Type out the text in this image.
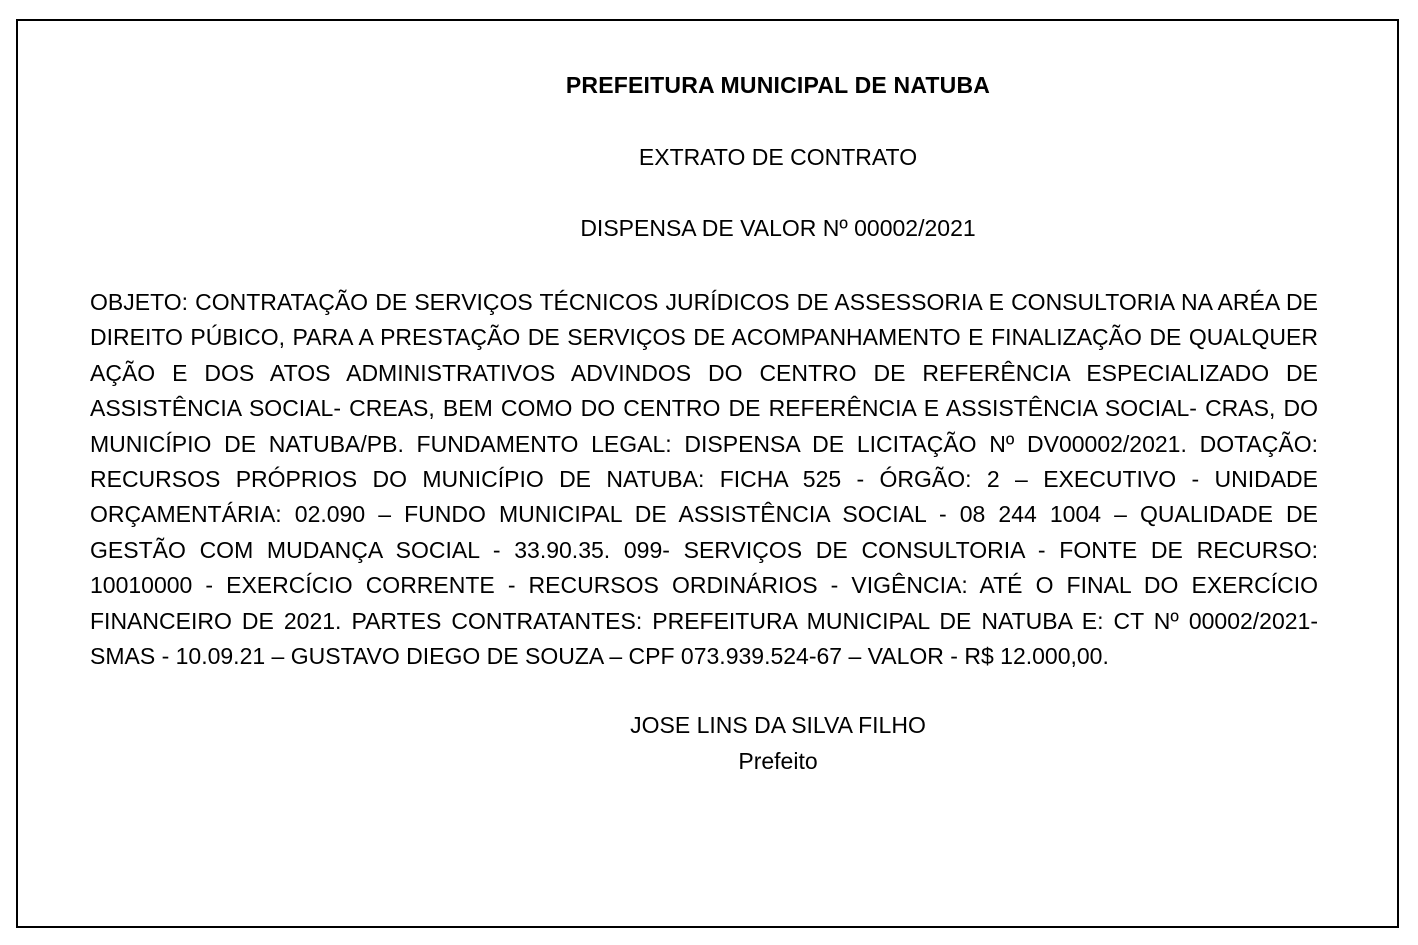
PREFEITURA MUNICIPAL DE NATUBA
EXTRATO DE CONTRATO
DISPENSA DE VALOR Nº 00002/2021

OBJETO: CONTRATAÇÃO DE SERVIÇOS TÉCNICOS JURÍDICOS DE ASSESSORIA E CONSULTORIA NA ARÉA DE DIREITO PÚBICO, PARA A PRESTAÇÃO DE SERVIÇOS DE ACOMPANHAMENTO E FINALIZAÇÃO DE QUALQUER AÇÃO E DOS ATOS ADMINISTRATIVOS ADVINDOS DO CENTRO DE REFERÊNCIA ESPECIALIZADO DE ASSISTÊNCIA SOCIAL- CREAS, BEM COMO DO CENTRO DE REFERÊNCIA E ASSISTÊNCIA SOCIAL- CRAS, DO MUNICÍPIO DE NATUBA/PB. FUNDAMENTO LEGAL: DISPENSA DE LICITAÇÃO Nº DV00002/2021. DOTAÇÃO: RECURSOS PRÓPRIOS DO MUNICÍPIO DE NATUBA: FICHA 525 - ÓRGÃO: 2 – EXECUTIVO - UNIDADE ORÇAMENTÁRIA: 02.090 – FUNDO MUNICIPAL DE ASSISTÊNCIA SOCIAL - 08 244 1004 – QUALIDADE DE GESTÃO COM MUDANÇA SOCIAL - 33.90.35. 099- SERVIÇOS DE CONSULTORIA - FONTE DE RECURSO: 10010000 - EXERCÍCIO CORRENTE - RECURSOS ORDINÁRIOS - VIGÊNCIA: ATÉ O FINAL DO EXERCÍCIO FINANCEIRO DE 2021. PARTES CONTRATANTES: PREFEITURA MUNICIPAL DE NATUBA E: CT Nº 00002/2021-SMAS - 10.09.21 – GUSTAVO DIEGO DE SOUZA – CPF 073.939.524-67 – VALOR - R$ 12.000,00.

JOSE LINS DA SILVA FILHO
Prefeito
